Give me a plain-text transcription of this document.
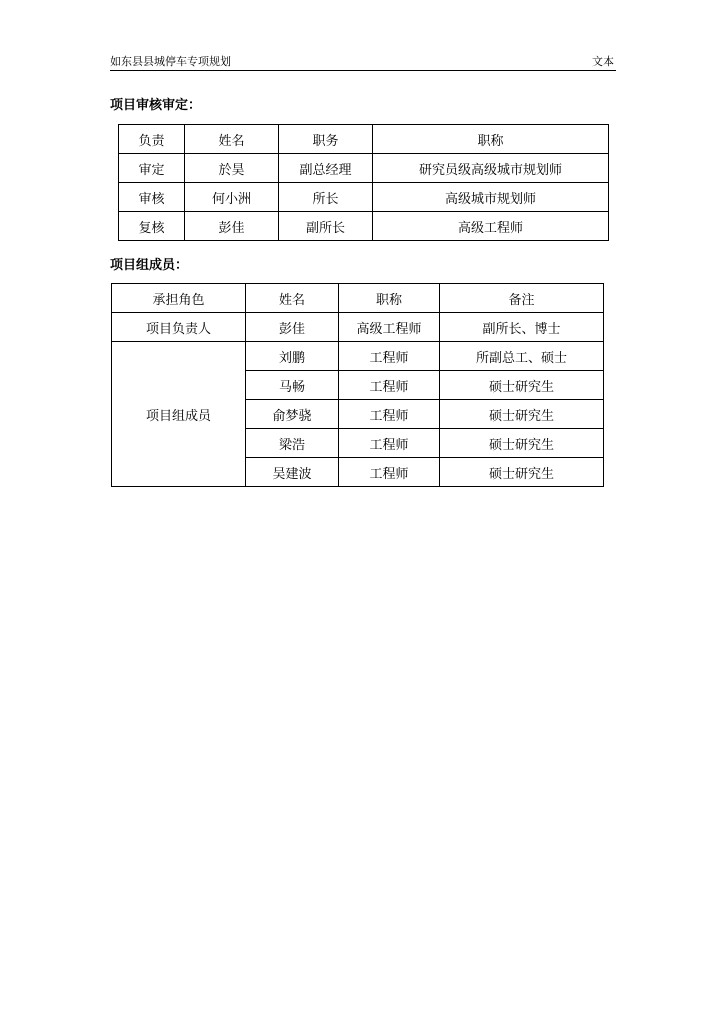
如东县县城停车专项规划	文本
项目审核审定：
负责	姓名	职务	职称
审定	於昊	副总经理	研究员级高级城市规划师
审核	何小洲	所长	高级城市规划师
复核	彭佳	副所长	高级工程师
项目组成员：
承担角色	姓名	职称	备注
项目负责人	彭佳	高级工程师	副所长、博士
项目组成员	刘鹏	工程师	所副总工、硕士
	马畅	工程师	硕士研究生
	俞梦骁	工程师	硕士研究生
	梁浩	工程师	硕士研究生
	吴建波	工程师	硕士研究生
